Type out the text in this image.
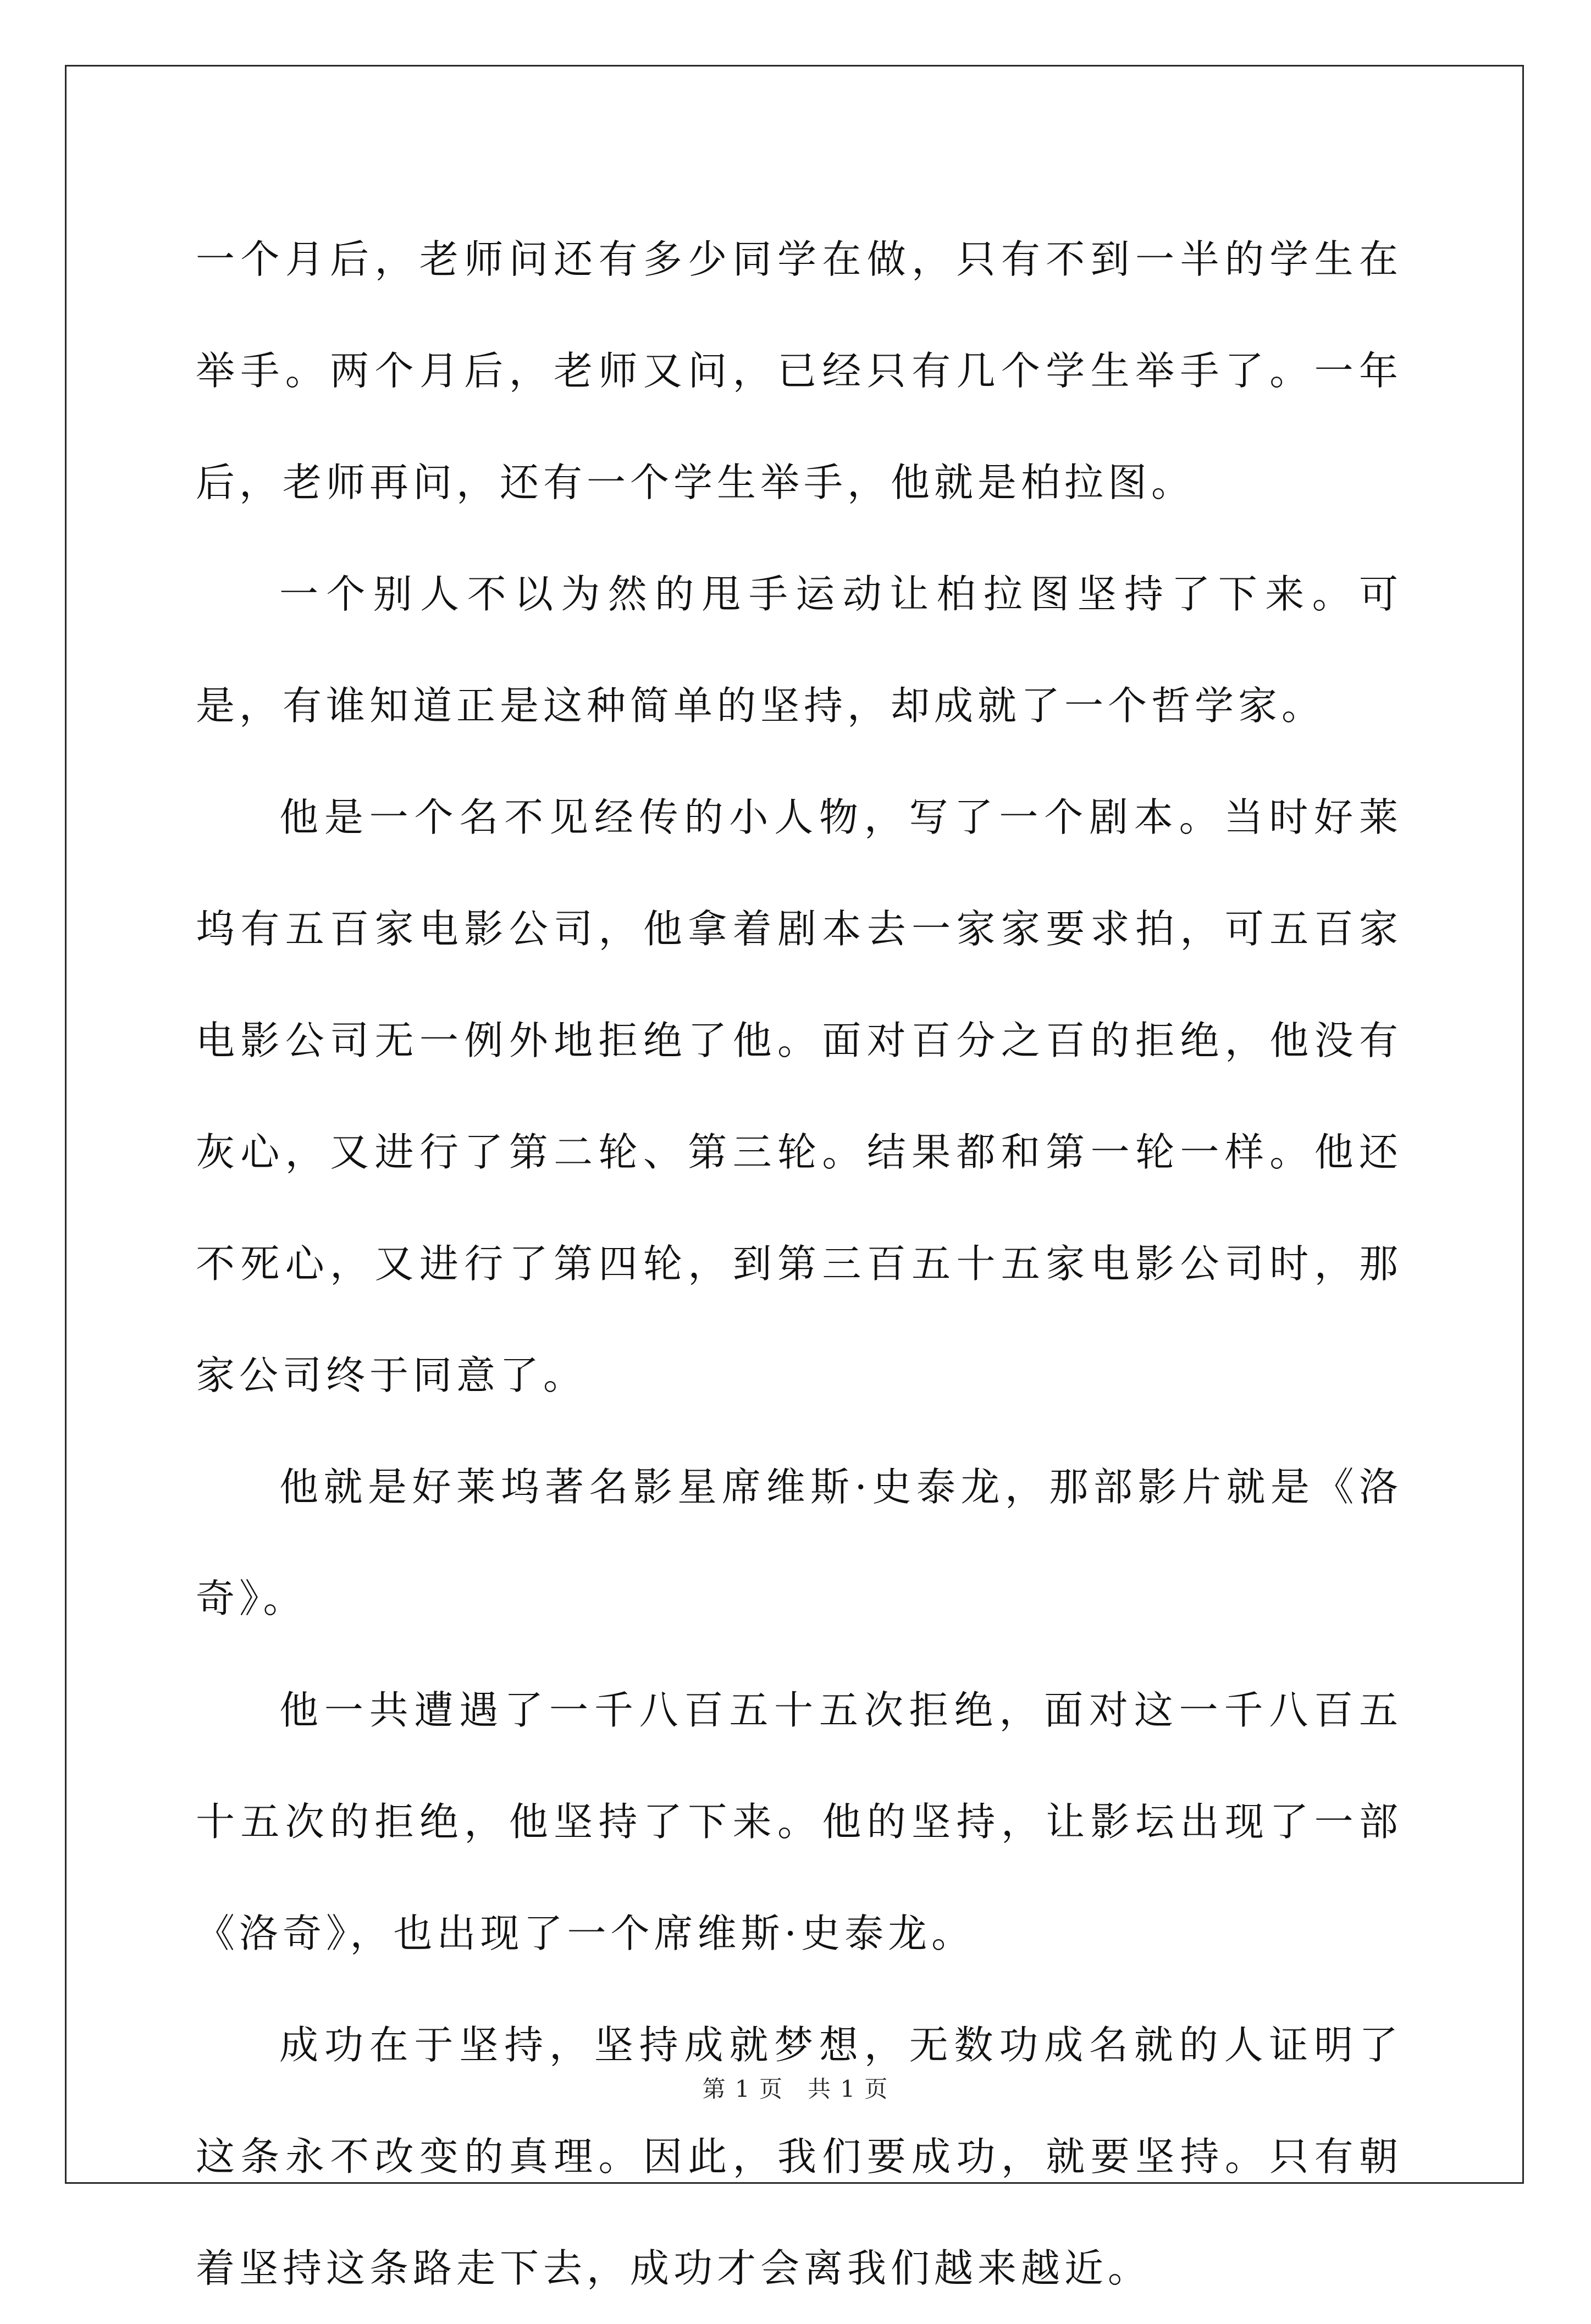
一个月后，老师问还有多少同学在做，只有不到一半的学生在举手。两个月后，老师又问，已经只有几个学生举手了。一年后，老师再问，还有一个学生举手，他就是柏拉图。

一个别人不以为然的甩手运动让柏拉图坚持了下来。可是，有谁知道正是这种简单的坚持，却成就了一个哲学家。

他是一个名不见经传的小人物，写了一个剧本。当时好莱坞有五百家电影公司，他拿着剧本去一家家要求拍，可五百家电影公司无一例外地拒绝了他。面对百分之百的拒绝，他没有灰心，又进行了第二轮、第三轮。结果都和第一轮一样。他还不死心，又进行了第四轮，到第三百五十五家电影公司时，那家公司终于同意了。

他就是好莱坞著名影星席维斯·史泰龙，那部影片就是《洛奇》。

他一共遭遇了一千八百五十五次拒绝，面对这一千八百五十五次的拒绝，他坚持了下来。他的坚持，让影坛出现了一部《洛奇》，也出现了一个席维斯·史泰龙。

成功在于坚持，坚持成就梦想，无数功成名就的人证明了这条永不改变的真理。因此，我们要成功，就要坚持。只有朝着坚持这条路走下去，成功才会离我们越来越近。

第 1 页　共 1 页
